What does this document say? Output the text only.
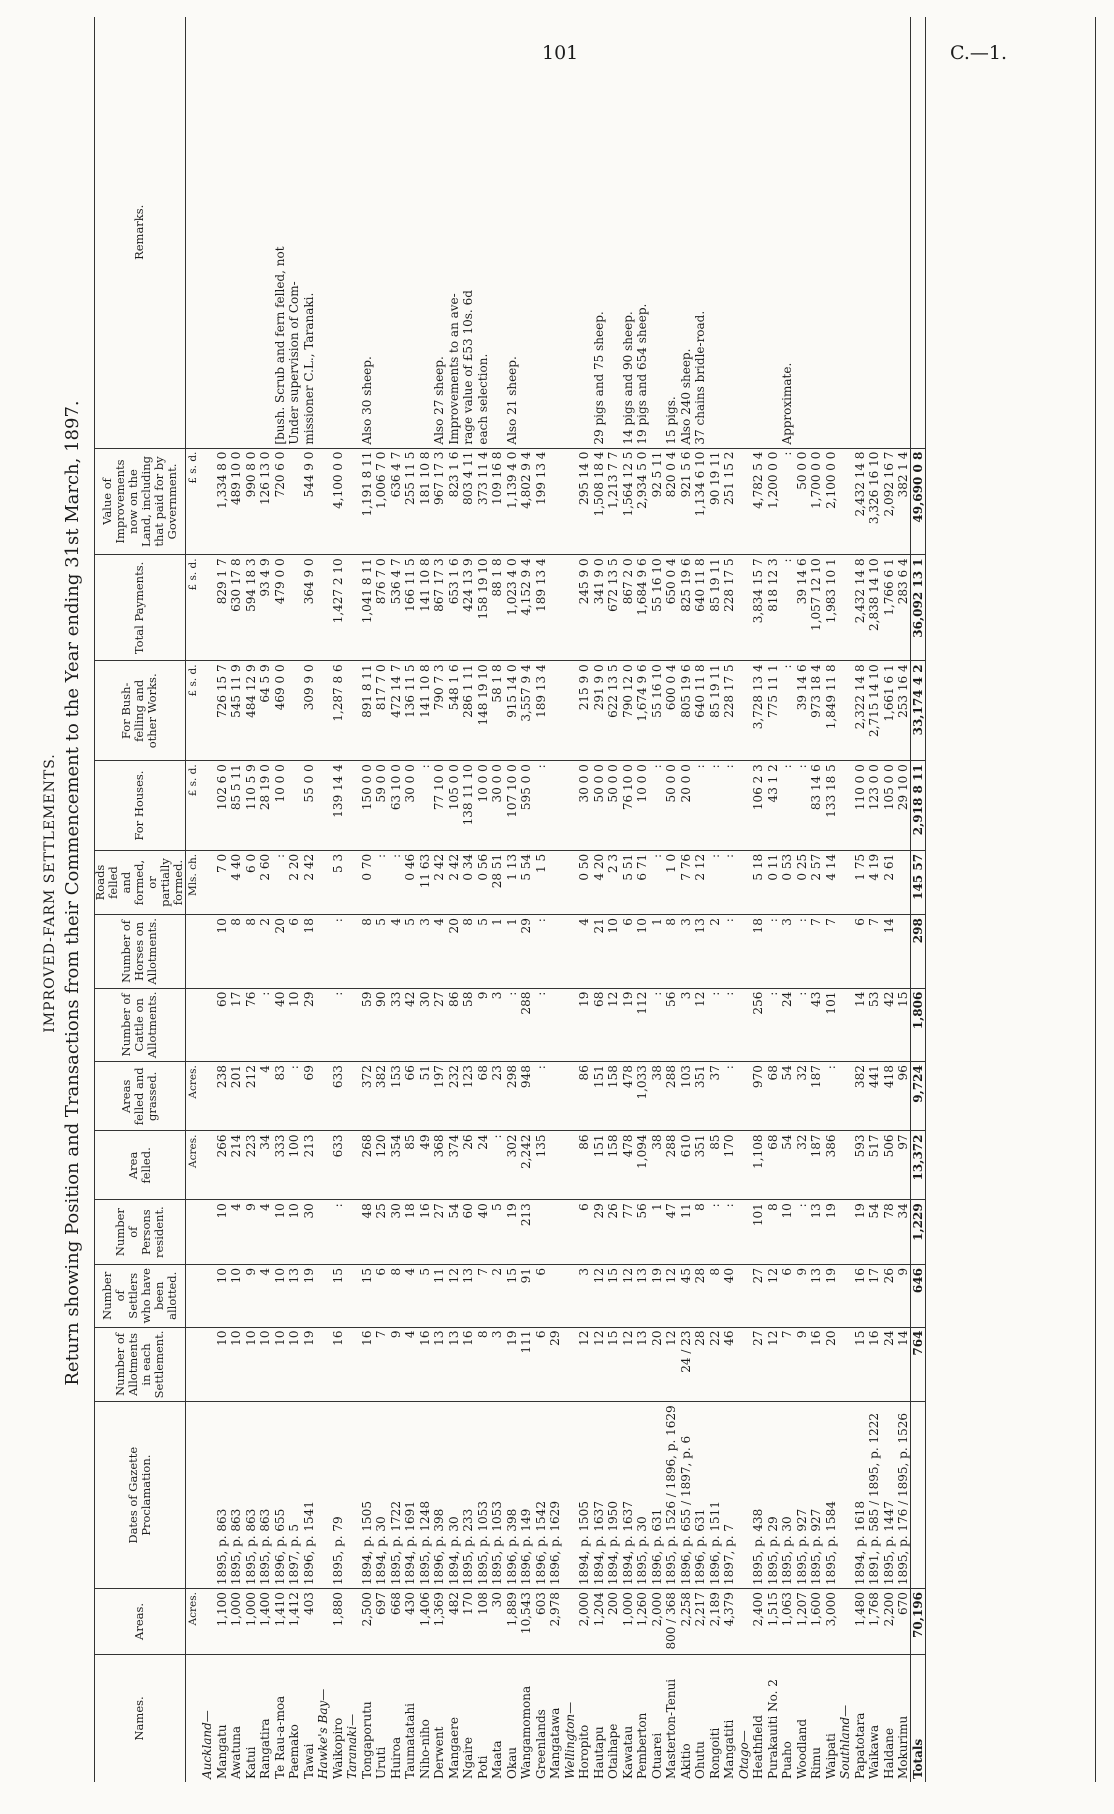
101	C.—1.
IMPROVED-FARM SETTLEMENTS. Return showing Position and Transactions from their Commencement to the Year ending 31st March, 1897.
Names.	Areas.	Dates of Gazette Proclamation.	Number of Allotments in each Settlement.	Number of Settlers who have been allotted.	Number of Persons resident.	Area felled.	Areas felled and grassed.	Number of Cattle on Allotments.	Number of Horses on Allotments.	Roads felled and formed, or partially formed.	For Houses.	For Bush-felling and other Works.	Total Payments.	Value of Improvements now on the Land, including that paid for by Government.	Remarks.
	Acres.					Acres.	Acres.			Mls. ch.	£ s. d.	£ s. d.	£ s. d.	£ s. d.	
Auckland—															
Mangatu	1,100	1895, p. 863	10	10	10	266	238	60	10	7 0	102 6 0	726 15 7	829 1 7	1,334 8 0	
Awatuna	1,000	1895, p. 863	10	10	4	214	201	17	8	4 40	85 5 11	545 11 9	630 17 8	489 10 0	
Katui	1,000	1895, p. 863	10	9	9	223	212	76	8	6 0	110 5 9	484 12 9	594 18 3	990 8 0	
Rangatira	1,400	1895, p. 863	10	4	4	34	4	:	2	2 60	28 19 0	64 5 9	93 4 9	126 13 0	
Te Rau-a-moa	1,410	1896, p. 655	10	10	10	333	83	40	20	:	10 0 0	469 0 0	479 0 0	720 6 0	[bush. Scrub and fern felled, not
Paemako	1,412	1897, p. 5	10	13	10	100	:	10	6	2 20					Under supervision of Com-
Tawai	403	1896, p. 1541	19	19	30	213	69	29	18	2 42	55 0 0	309 9 0	364 9 0	544 9 0	missioner C.L., Taranaki.
Hawke's Bay—															
Waikopiro	1,880	1895, p. 79	16	15	:	633	633	:	:	5 3	139 14 4	1,287 8 6	1,427 2 10	4,100 0 0	
Taranaki—															
Tongaporutu	2,500	1894, p. 1505	16	15	48	268	372	59	8	0 70	150 0 0	891 8 11	1,041 8 11	1,191 8 11	Also 30 sheep.
Uruti	697	1894, p. 30	7	6	25	120	382	90	5	:	59 0 0	817 7 0	876 7 0	1,006 7 0	
Huiroa	668	1895, p. 1722	9	8	30	354	153	33	4	:	63 10 0	472 14 7	536 4 7	636 4 7	
Taumatatahi	430	1894, p. 1691	4	4	18	85	66	42	5	0 46	30 0 0	136 11 5	166 11 5	255 11 5	
Niho-niho	1,406	1895, p. 1248	16	5	16	49	51	30	3	11 63	:	141 10 8	141 10 8	181 10 8	
Derwent	1,369	1896, p. 398	13	11	27	368	197	27	4	2 42	77 10 0	790 7 3	867 17 3	967 17 3	Also 27 sheep.
Mangaere	482	1894, p. 30	13	12	54	374	232	86	20	2 42	105 0 0	548 1 6	653 1 6	823 1 6	Improvements to an ave-
Ngaire	170	1895, p. 233	16	13	60	26	123	58	8	0 34	138 11 10	286 1 11	424 13 9	803 4 11	rage value of £53 10s. 6d
Poti	108	1895, p. 1053	8	7	40	24	68	9	5	0 56	10 0 0	148 19 10	158 19 10	373 11 4	each selection.
Maata	30	1895, p. 1053	3	2	5	:	23	3	1	28 51	30 0 0	58 1 8	88 1 8	109 16 8	
Okau	1,889	1896, p. 398	19	15	19	302	298	:	1	1 13	107 10 0	915 14 0	1,023 4 0	1,139 4 0	Also 21 sheep.
Wangamomona	10,543	1896, p. 149	111	91	213	2,242	948	288	29	5 54	595 0 0	3,557 9 4	4,152 9 4	4,802 9 4	
Greenlands	603	1896, p. 1542	6	6		135	:	:	:	1 5	:	189 13 4	189 13 4	199 13 4	
Mangatawa	2,978	1896, p. 1629	29												
Wellington—															
Horopito	2,000	1894, p. 1505	12	3	6	86	86	19	4	0 50	30 0 0	215 9 0	245 9 0	295 14 0	
Hautapu	1,204	1894, p. 1637	12	12	29	151	151	68	21	4 20	50 0 0	291 9 0	341 9 0	1,508 18 4	29 pigs and 75 sheep.
Otaihape	200	1894, p. 1950	15	15	26	158	158	12	10	2 3	50 0 0	622 13 5	672 13 5	1,213 7 7	
Kawatau	1,000	1894, p. 1637	12	12	77	478	478	19	6	5 51	76 10 0	790 12 0	867 2 0	1,564 12 5	14 pigs and 90 sheep.
Pemberton	1,260	1895, p. 30	13	13	56	1,094	1,033	112	10	6 71	10 0 0	1,674 9 6	1,684 9 6	2,934 5 0	19 pigs and 654 sheep.
Otuarei	2,000	1896, p. 631	20	19	1	38	38	:	1	:	:	55 16 10	55 16 10	92 5 11	
Masterton-Tenui	800 / 368	1895, p. 1526 / 1896, p. 1629	12	12	47	288	288	56	8	1 0	50 0 0	600 0 4	650 0 4	820 0 4	15 pigs.
Akitio	2,258	1896, p. 655 / 1897, p. 6	24 / 23	45	11	610	103	3	3	7 76	20 0 0	805 19 6	825 19 6	921 5 6	Also 240 sheep.
Ohutu	2,217	1896, p. 631	28	28	8	351	351	12	13	2 12	:	640 11 8	640 11 8	1,134 6 10	37 chains bridle-road.
Rongoiti	2,189	1896, p. 1511	22	8	:	85	37	:	2	:	:	85 19 11	85 19 11	90 19 11	
Mangatiti	4,379	1897, p. 7	46	40	:	170	:	:	:	:	:	228 17 5	228 17 5	251 15 2	
Otago—															
Heathfield	2,400	1895, p. 438	27	27	101	1,108	970	256	18	5 18	106 2 3	3,728 13 4	3,834 15 7	4,782 5 4	
Purakauiti No. 2	1,515	1895, p. 29	12	12	8	68	68	:	:	0 11	43 1 2	775 11 1	818 12 3	1,200 0 0	
Puaho	1,063	1895, p. 30	7	6	10	54	54	24	3	0 53	:	:	:	:	Approximate.
Woodland	1,207	1895, p. 927	9	9	:	32	32	:	:	0 25	:	39 14 6	39 14 6	50 0 0	
Rimu	1,600	1895, p. 927	16	13	13	187	187	43	7	2 57	83 14 6	973 18 4	1,057 12 10	1,700 0 0	
Waipati	3,000	1895, p. 1584	20	19	19	386	:	101	7	4 14	133 18 5	1,849 11 8	1,983 10 1	2,100 0 0	
Southland—															
Papatotara	1,480	1894, p. 1618	15	16	19	593	382	14	6	1 75	110 0 0	2,322 14 8	2,432 14 8	2,432 14 8	
Waikawa	1,768	1891, p. 585 / 1895, p. 1222	16	17	54	517	441	53	7	4 19	123 0 0	2,715 14 10	2,838 14 10	3,326 16 10	
Haldane	2,200	1895, p. 1447	24	26	78	506	418	42	14	2 61	105 0 0	1,661 6 1	1,766 6 1	2,092 16 7	
Mokurimu	670	1895, p. 176 / 1895, p. 1526	14	9	34	97	96	15			29 10 0	253 16 4	283 6 4	382 1 4	
Totals	70,196		764	646	1,229	13,372	9,724	1,806	298	145 57	2,918 8 11	33,174 4 2	36,092 13 1	49,690 0 8	
